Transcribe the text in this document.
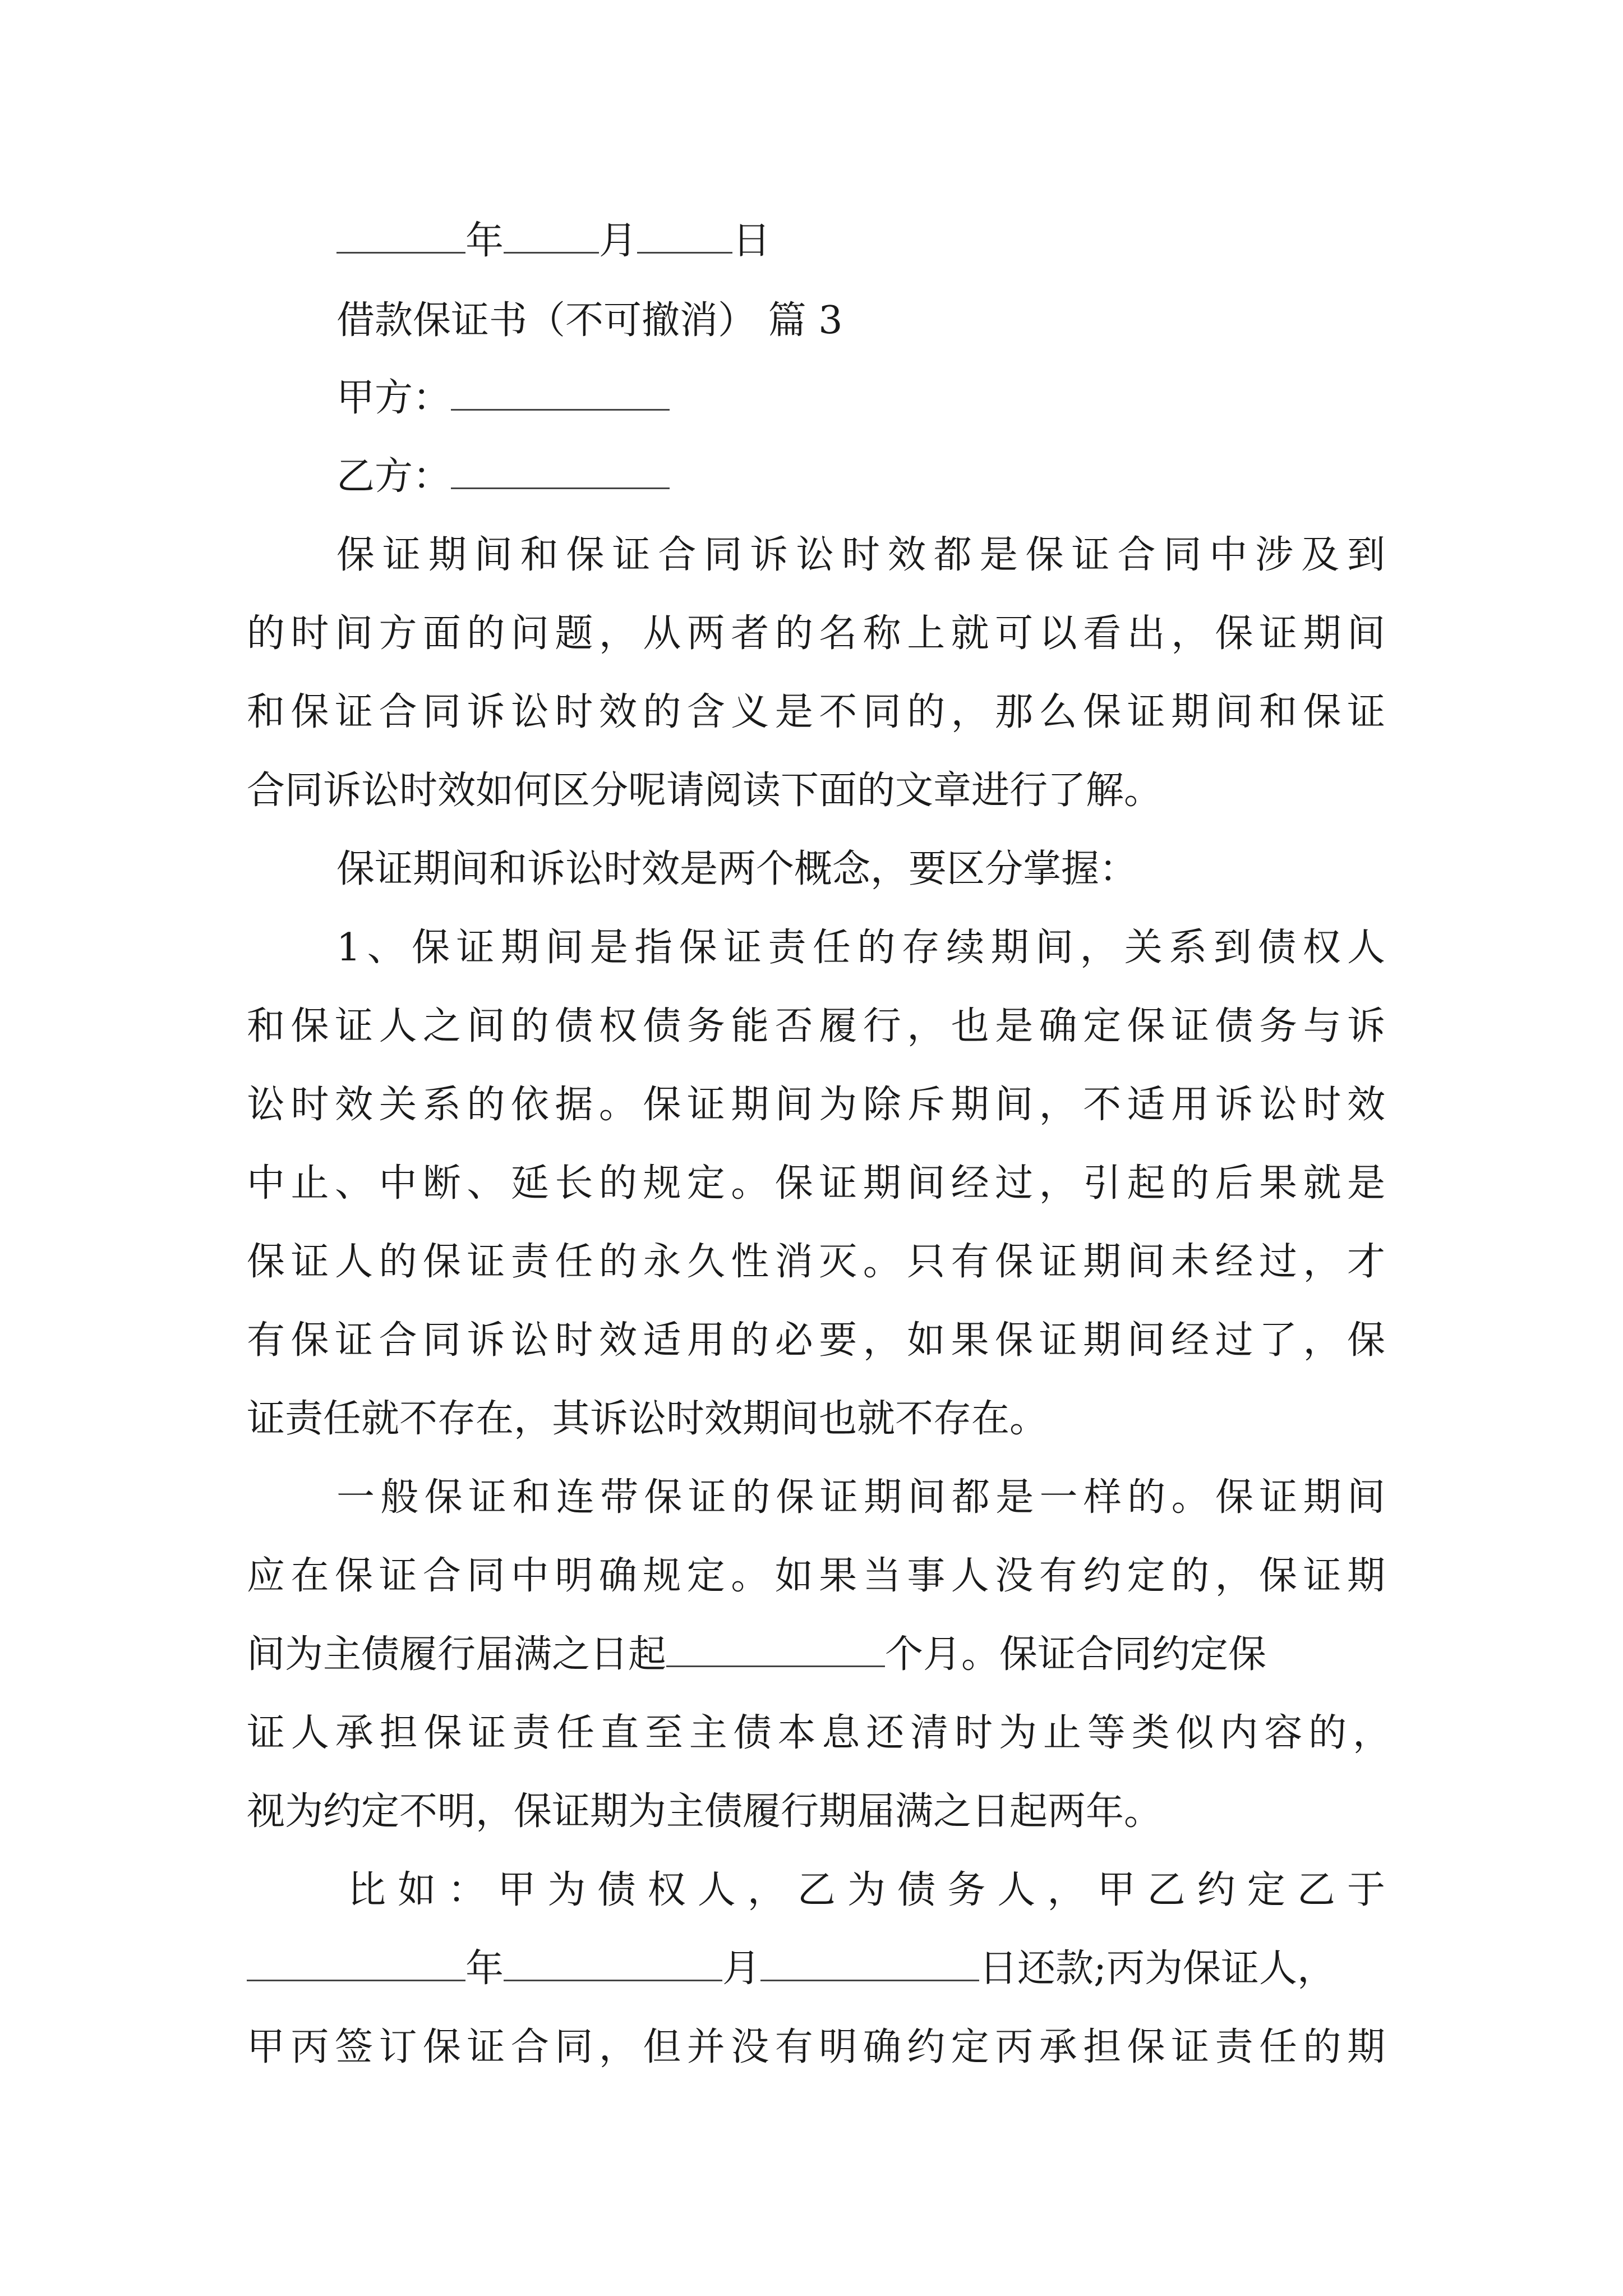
年	月	日
借款保证书（不可撤消） 篇 3
甲方：
乙方：
保证期间和保证合同诉讼时效都是保证合同中涉及到
的时间方面的问题，从两者的名称上就可以看出，保证期间
和保证合同诉讼时效的含义是不同的，那么保证期间和保证
合同诉讼时效如何区分呢请阅读下面的文章进行了解。
保证期间和诉讼时效是两个概念，要区分掌握：
1、保证期间是指保证责任的存续期间，关系到债权人
和保证人之间的债权债务能否履行，也是确定保证债务与诉
讼时效关系的依据。保证期间为除斥期间，不适用诉讼时效
中止、中断、延长的规定。保证期间经过，引起的后果就是
保证人的保证责任的永久性消灭。只有保证期间未经过，才
有保证合同诉讼时效适用的必要，如果保证期间经过了，保
证责任就不存在，其诉讼时效期间也就不存在。
一般保证和连带保证的保证期间都是一样的。保证期间
应在保证合同中明确规定。如果当事人没有约定的，保证期
间为主债履行届满之日起	个月。保证合同约定保
证人承担保证责任直至主债本息还清时为止等类似内容的，
视为约定不明，保证期为主债履行期届满之日起两年。
比如：甲为债权人，乙为债务人，甲乙约定乙于
年	月	日还款;丙为保证人，
甲丙签订保证合同，但并没有明确约定丙承担保证责任的期
